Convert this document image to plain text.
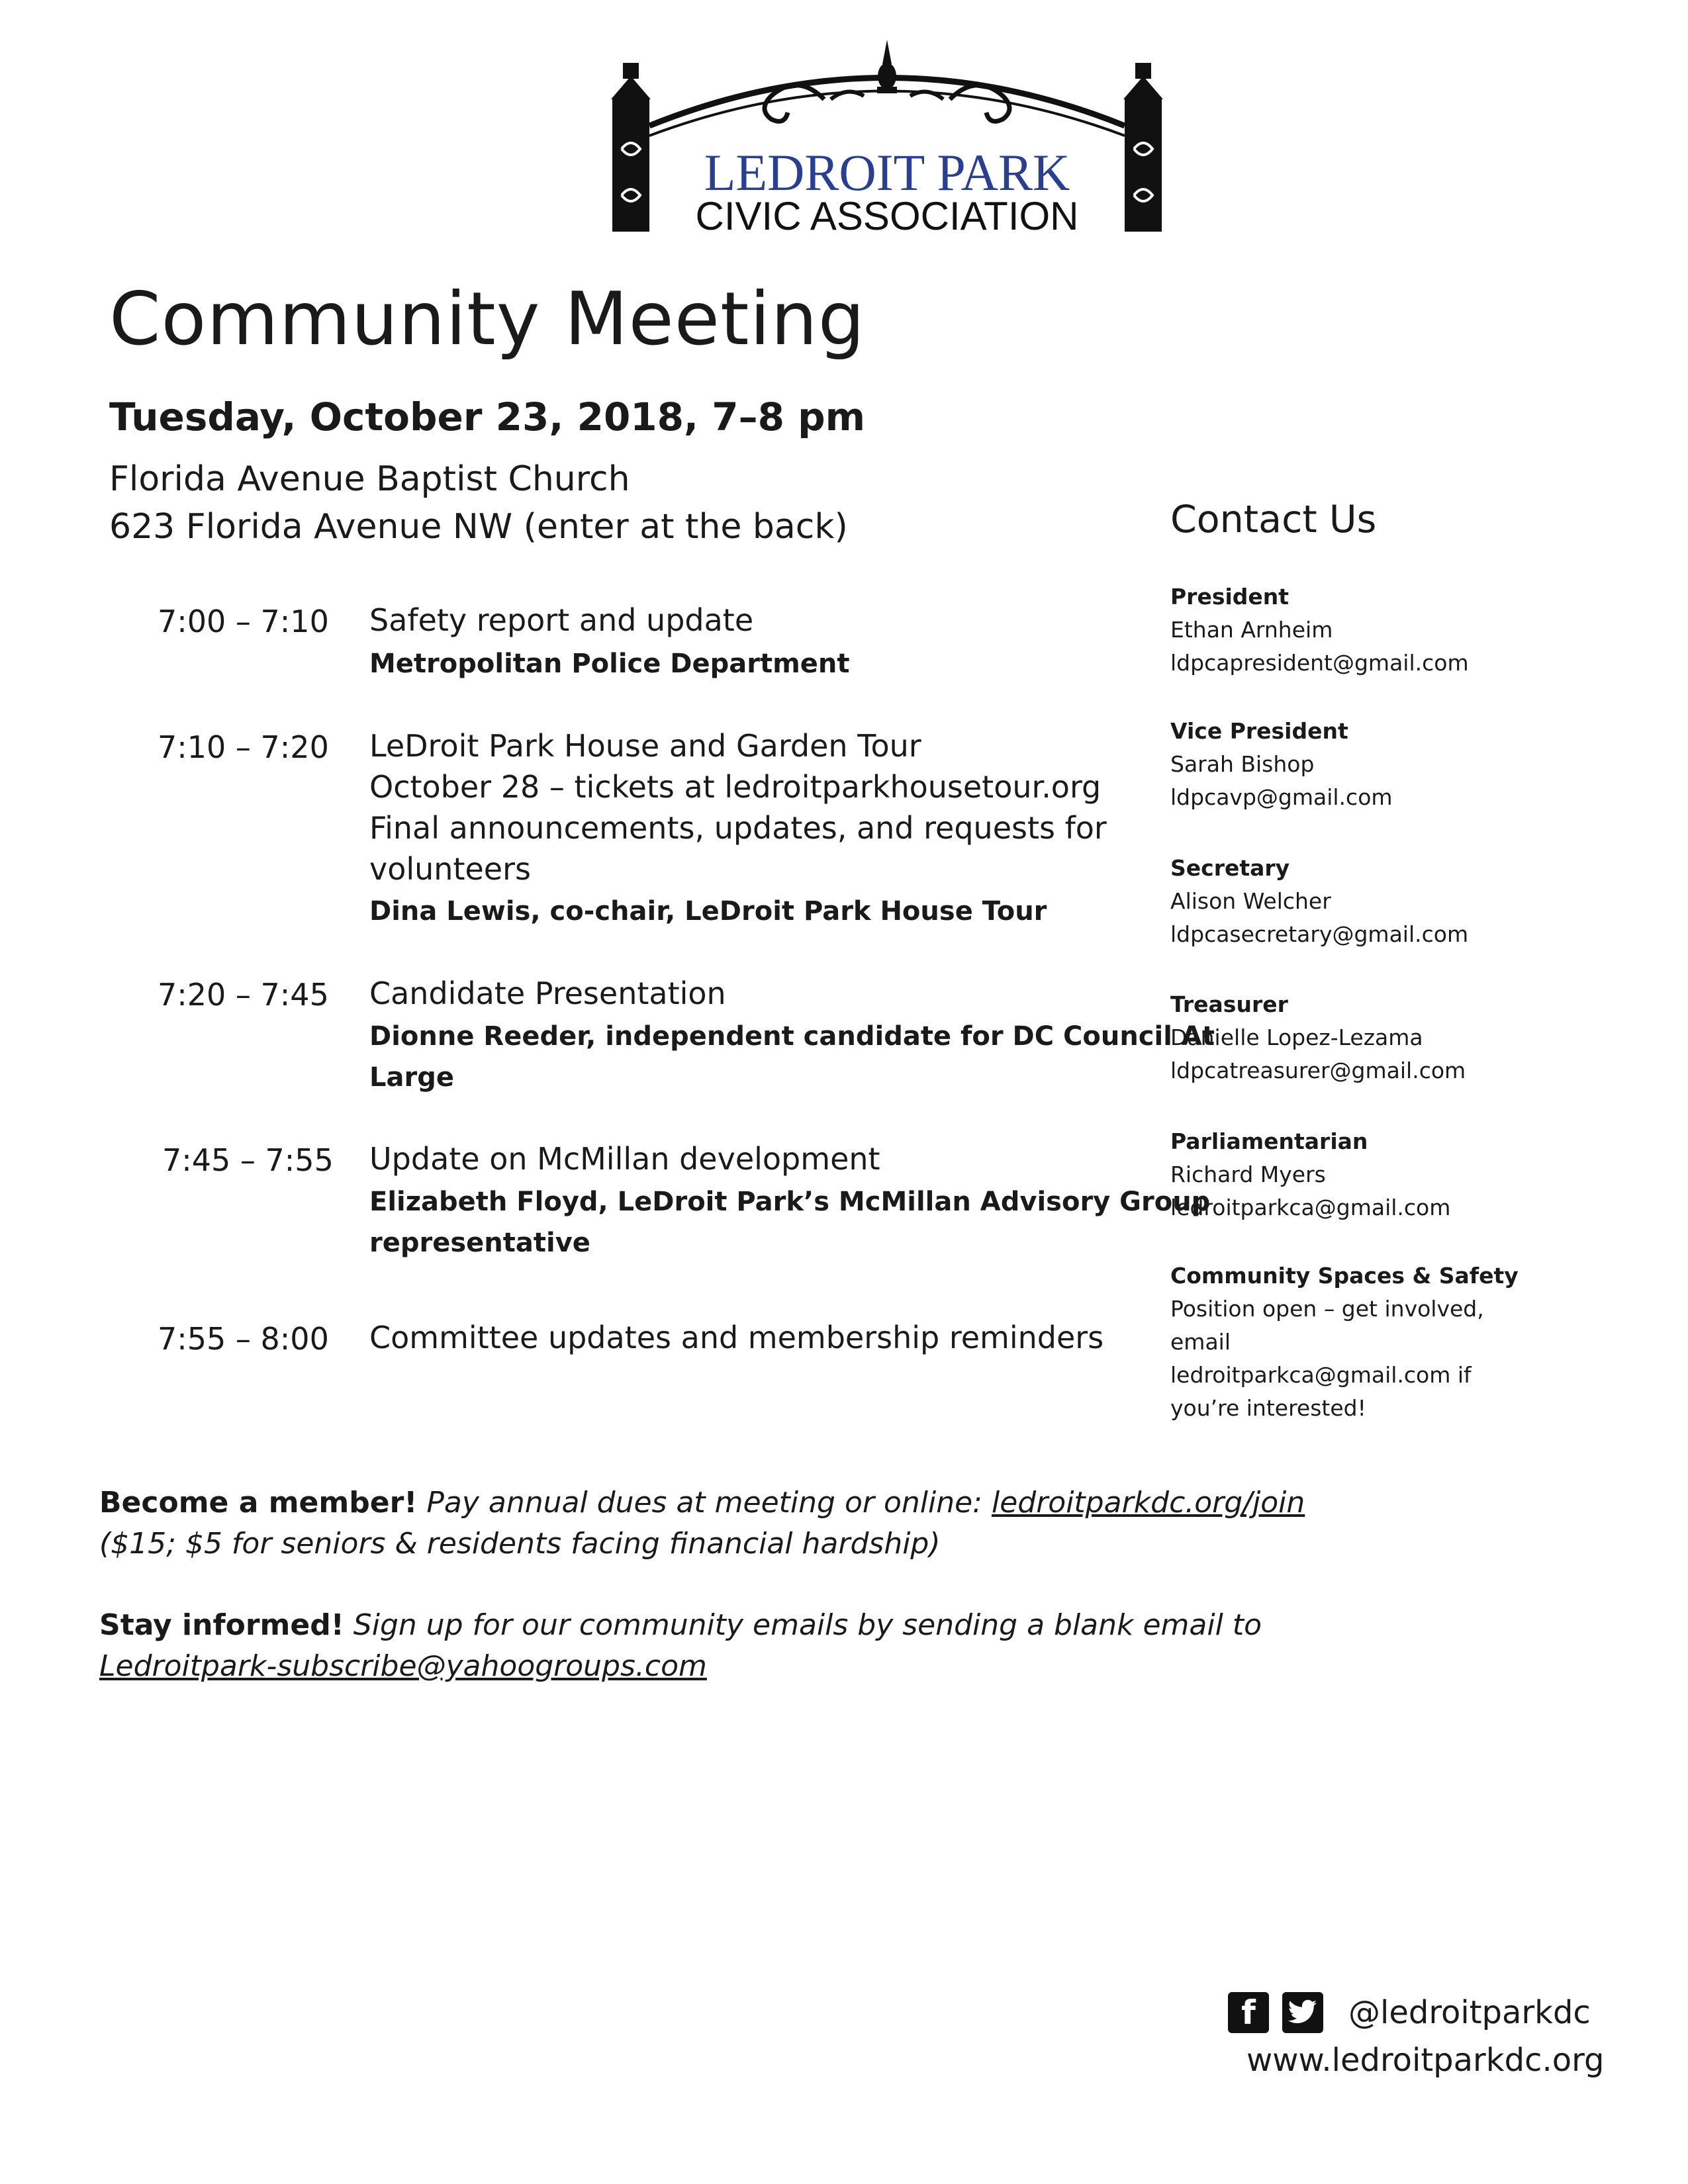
LEDROIT PARK
CIVIC ASSOCIATION
Community Meeting
Tuesday, October 23, 2018, 7–8 pm
Florida Avenue Baptist Church
623 Florida Avenue NW (enter at the back)
7:00 – 7:10	Safety report and update
Metropolitan Police Department
7:10 – 7:20	LeDroit Park House and Garden Tour
October 28 – tickets at ledroitparkhousetour.org
Final announcements, updates, and requests for
volunteers
Dina Lewis, co-chair, LeDroit Park House Tour
7:20 – 7:45	Candidate Presentation
Dionne Reeder, independent candidate for DC Council At
Large
7:45 – 7:55	Update on McMillan development
Elizabeth Floyd, LeDroit Park’s McMillan Advisory Group
representative
7:55 – 8:00	Committee updates and membership reminders
Contact Us
President
Ethan Arnheim
ldpcapresident@gmail.com
Vice President
Sarah Bishop
ldpcavp@gmail.com
Secretary
Alison Welcher
ldpcasecretary@gmail.com
Treasurer
Danielle Lopez-Lezama
ldpcatreasurer@gmail.com
Parliamentarian
Richard Myers
ledroitparkca@gmail.com
Community Spaces & Safety
Position open – get involved,
email
ledroitparkca@gmail.com if
you’re interested!
Become a member! Pay annual dues at meeting or online: ledroitparkdc.org/join
($15; $5 for seniors & residents facing financial hardship)
Stay informed! Sign up for our community emails by sending a blank email to
Ledroitpark-subscribe@yahoogroups.com
f	@ledroitparkdc
www.ledroitparkdc.org
